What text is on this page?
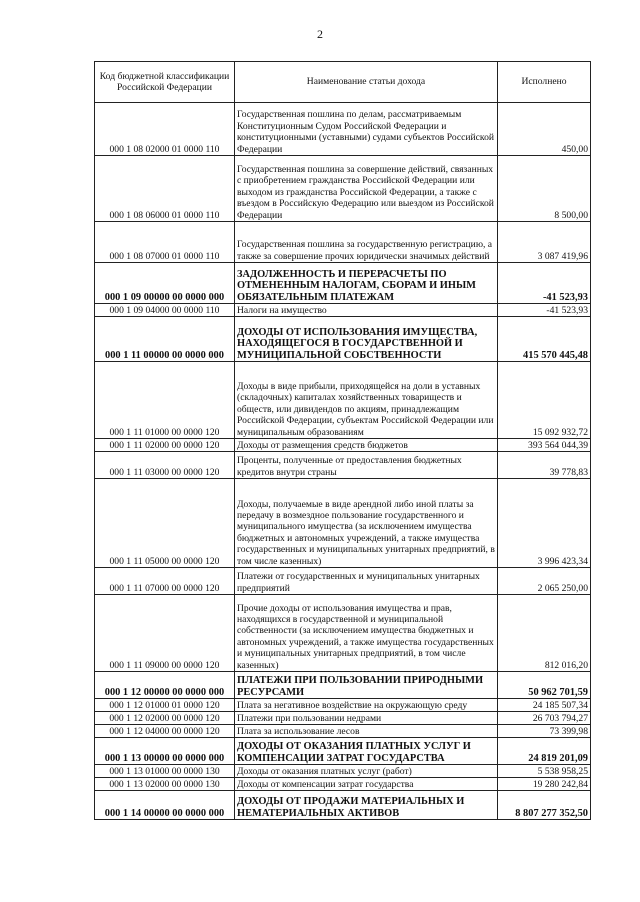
2
Код бюджетной классификации Российской Федерации	Наименование статьи дохода	Исполнено
000 1 08 02000 01 0000 110	Государственная пошлина по делам, рассматриваемым Конституционным Судом Российской Федерации и конституционными (уставными) судами субъектов Российской Федерации	450,00
000 1 08 06000 01 0000 110	Государственная пошлина за совершение действий, связанных с приобретением гражданства Российской Федерации или выходом из гражданства Российской Федерации, а также с въездом в Российскую Федерацию или выездом из Российской Федерации	8 500,00
000 1 08 07000 01 0000 110	Государственная пошлина за государственную регистрацию, а также за совершение прочих юридически значимых действий	3 087 419,96
000 1 09 00000 00 0000 000	ЗАДОЛЖЕННОСТЬ И ПЕРЕРАСЧЕТЫ ПО ОТМЕНЕННЫМ НАЛОГАМ, СБОРАМ И ИНЫМ ОБЯЗАТЕЛЬНЫМ ПЛАТЕЖАМ	-41 523,93
000 1 09 04000 00 0000 110	Налоги на имущество	-41 523,93
000 1 11 00000 00 0000 000	ДОХОДЫ ОТ ИСПОЛЬЗОВАНИЯ ИМУЩЕСТВА, НАХОДЯЩЕГОСЯ В ГОСУДАРСТВЕННОЙ И МУНИЦИПАЛЬНОЙ СОБСТВЕННОСТИ	415 570 445,48
000 1 11 01000 00 0000 120	Доходы в виде прибыли, приходящейся на доли в уставных (складочных) капиталах хозяйственных товариществ и обществ, или дивидендов по акциям, принадлежащим Российской Федерации, субъектам Российской Федерации или муниципальным образованиям	15 092 932,72
000 1 11 02000 00 0000 120	Доходы от размещения средств бюджетов	393 564 044,39
000 1 11 03000 00 0000 120	Проценты, полученные от предоставления бюджетных кредитов внутри страны	39 778,83
000 1 11 05000 00 0000 120	Доходы, получаемые в виде арендной либо иной платы за передачу в возмездное пользование государственного и муниципального имущества (за исключением имущества бюджетных и автономных учреждений, а также имущества государственных и муниципальных унитарных предприятий, в том числе казенных)	3 996 423,34
000 1 11 07000 00 0000 120	Платежи от государственных и муниципальных унитарных предприятий	2 065 250,00
000 1 11 09000 00 0000 120	Прочие доходы от использования имущества и прав, находящихся в государственной и муниципальной собственности (за исключением имущества бюджетных и автономных учреждений, а также имущества государственных и муниципальных унитарных предприятий, в том числе казенных)	812 016,20
000 1 12 00000 00 0000 000	ПЛАТЕЖИ ПРИ ПОЛЬЗОВАНИИ ПРИРОДНЫМИ РЕСУРСАМИ	50 962 701,59
000 1 12 01000 01 0000 120	Плата за негативное воздействие на окружающую среду	24 185 507,34
000 1 12 02000 00 0000 120	Платежи при пользовании недрами	26 703 794,27
000 1 12 04000 00 0000 120	Плата за использование лесов	73 399,98
000 1 13 00000 00 0000 000	ДОХОДЫ ОТ ОКАЗАНИЯ ПЛАТНЫХ УСЛУГ И КОМПЕНСАЦИИ ЗАТРАТ ГОСУДАРСТВА	24 819 201,09
000 1 13 01000 00 0000 130	Доходы от оказания платных услуг (работ)	5 538 958,25
000 1 13 02000 00 0000 130	Доходы от компенсации затрат государства	19 280 242,84
000 1 14 00000 00 0000 000	ДОХОДЫ ОТ ПРОДАЖИ МАТЕРИАЛЬНЫХ И НЕМАТЕРИАЛЬНЫХ АКТИВОВ	8 807 277 352,50
